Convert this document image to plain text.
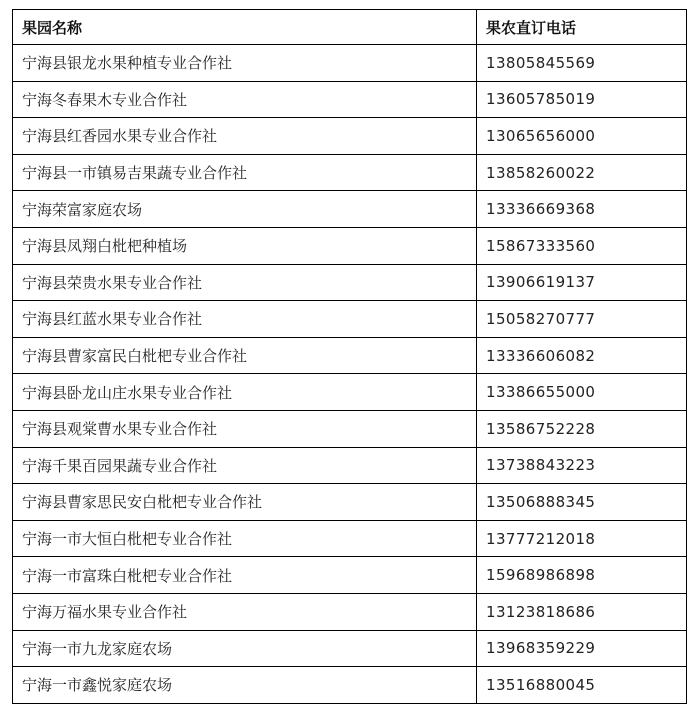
果园名称	果农直订电话
宁海县银龙水果种植专业合作社	13805845569
宁海冬春果木专业合作社	13605785019
宁海县红香园水果专业合作社	13065656000
宁海县一市镇易吉果蔬专业合作社	13858260022
宁海荣富家庭农场	13336669368
宁海县凤翔白枇杷种植场	15867333560
宁海县荣贵水果专业合作社	13906619137
宁海县红蓝水果专业合作社	15058270777
宁海县曹家富民白枇杷专业合作社	13336606082
宁海县卧龙山庄水果专业合作社	13386655000
宁海县观棠曹水果专业合作社	13586752228
宁海千果百园果蔬专业合作社	13738843223
宁海县曹家思民安白枇杷专业合作社	13506888345
宁海一市大恒白枇杷专业合作社	13777212018
宁海一市富珠白枇杷专业合作社	15968986898
宁海万福水果专业合作社	13123818686
宁海一市九龙家庭农场	13968359229
宁海一市鑫悦家庭农场	13516880045
